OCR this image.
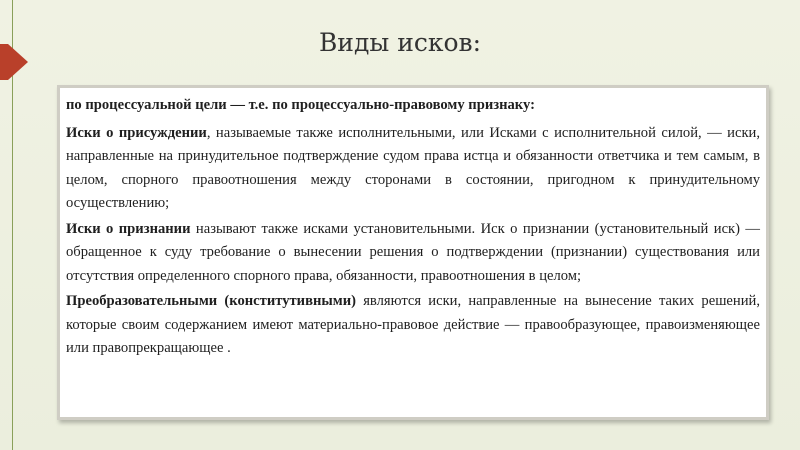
Виды исков:

по процессуальной цели — т.е. по процессуально-правовому признаку:

Иски о присуждении, называемые также исполнительными, или Исками с исполнительной силой, — иски, направленные на принудительное подтверждение судом права истца и обязанности ответчика и тем самым, в целом, спорного правоотношения между сторонами в состоянии, пригодном к принудительному осуществлению;

Иски о признании называют также исками установительными. Иск о признании (установительный иск) — обращенное к суду требование о вынесении решения о подтверждении (признании) существования или отсутствия определенного спорного права, обязанности, правоотношения в целом;

Преобразовательными (конститутивными) являются иски, направленные на вынесение таких решений, которые своим содержанием имеют материально-правовое действие — правообразующее, правоизменяющее или правопрекращающее .
